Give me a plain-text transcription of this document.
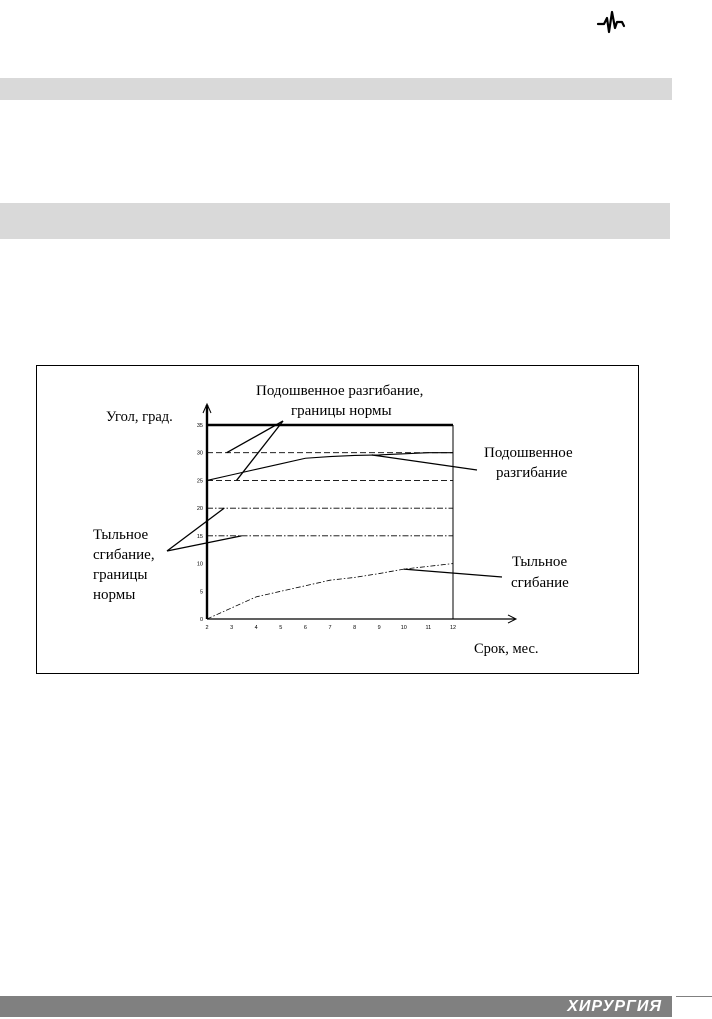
2	3	4	5	6	7	8	9	10	11	12
0
5
10
15
20
25
30
35
Угол, град.
Срок, мес.
Подошвенное разгибание,
границы нормы
Подошвенное
разгибание
Тыльное
сгибание,
границы
нормы
Тыльное
сгибание
ХИРУРГИЯ
